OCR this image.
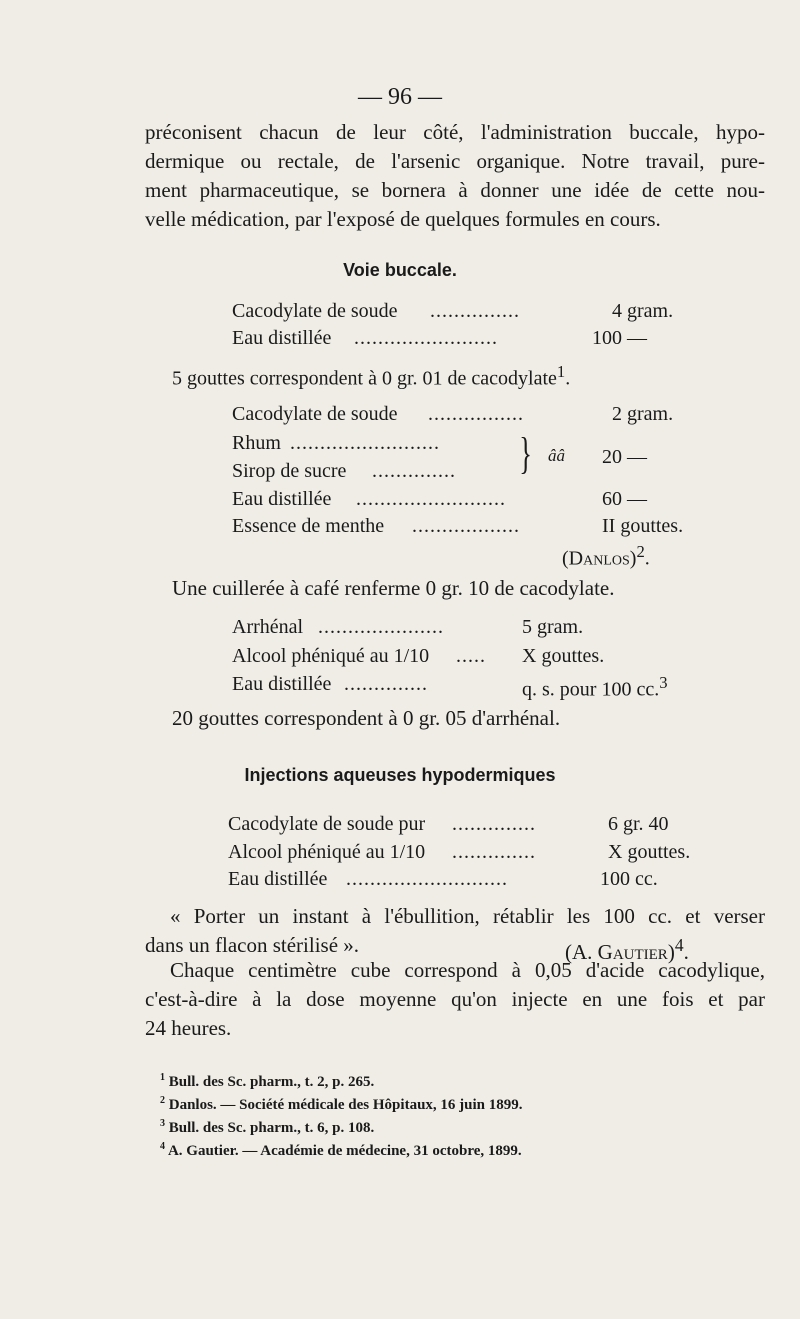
— 96 —
préconisent chacun de leur côté, l'administration buccale, hypo-
dermique ou rectale, de l'arsenic organique. Notre travail, pure-
ment pharmaceutique, se bornera à donner une idée de cette nou-
velle médication, par l'exposé de quelques formules en cours.
Voie buccale.
Cacodylate de soude ...............	4 gram.
Eau distillée ........................	100 —
5 gouttes correspondent à 0 gr. 01 de cacodylate$^1$.
Cacodylate de soude ................	2 gram.
Rhum .........................
Sirop de sucre ..............	} ââ 20 —
Eau distillée .........................	60 —
Essence de menthe ..................	II gouttes.
(Danlos)$^2$.
Une cuillerée à café renferme 0 gr. 10 de cacodylate.
Arrhénal .....................	5 gram.
Alcool phéniqué au 1/10 .....	X gouttes.
Eau distillée ..............	q. s. pour 100 cc.$^3$
20 gouttes correspondent à 0 gr. 05 d'arrhénal.
Injections aqueuses hypodermiques
Cacodylate de soude pur ..............	6 gr. 40
Alcool phéniqué au 1/10 ..............	X gouttes.
Eau distillée ...........................	100 cc.
« Porter un instant à l'ébullition, rétablir les 100 cc. et verser
dans un flacon stérilisé ».	(A. Gautier)$^4$.
Chaque centimètre cube correspond à 0,05 d'acide cacodylique,
c'est-à-dire à la dose moyenne qu'on injecte en une fois et par
24 heures.
$^1$ Bull. des Sc. pharm., t. 2, p. 265.
$^2$ Danlos. — Société médicale des Hôpitaux, 16 juin 1899.
$^3$ Bull. des Sc. pharm., t. 6, p. 108.
$^4$ A. Gautier. — Académie de médecine, 31 octobre, 1899.
